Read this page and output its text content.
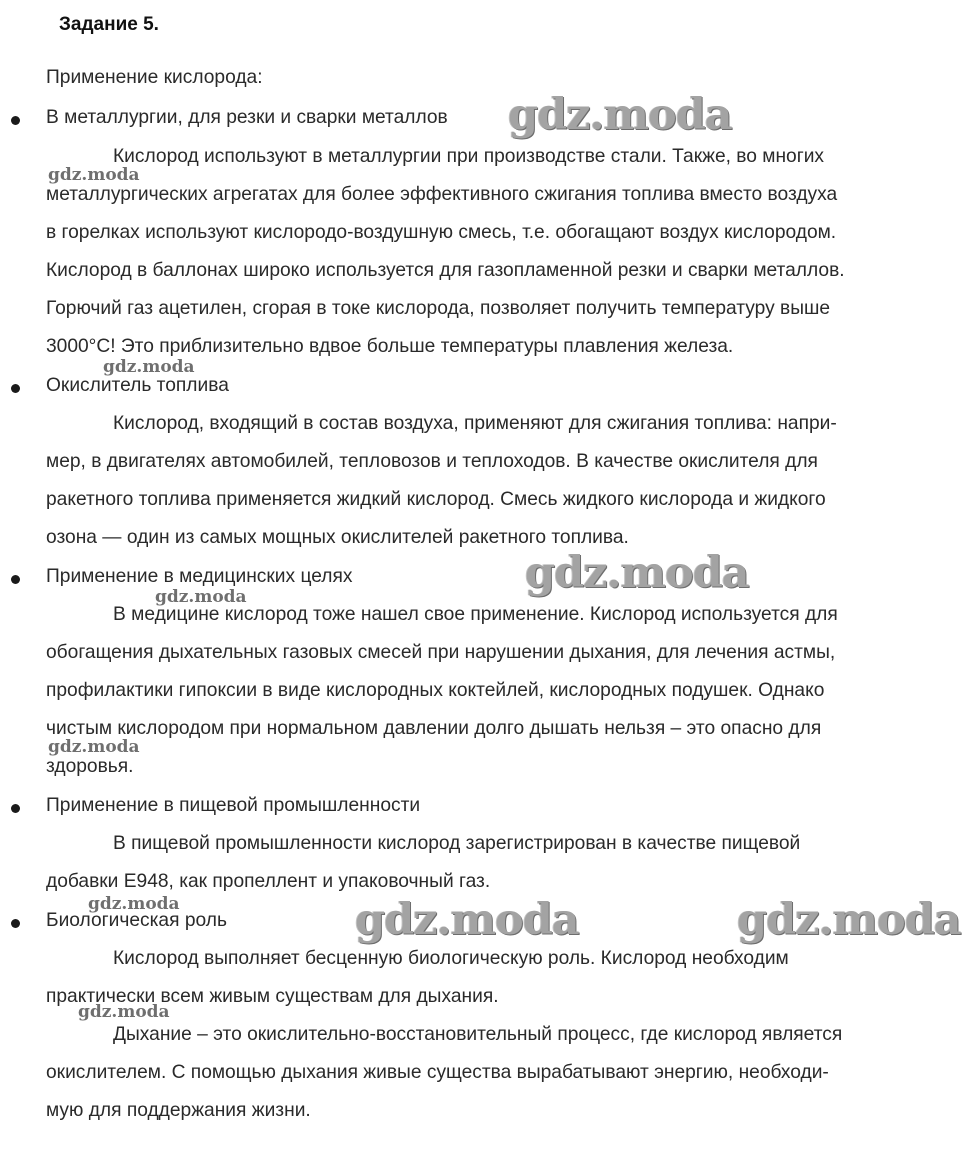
Задание 5.
Применение кислорода:
В металлургии, для резки и сварки металлов
Кислород используют в металлургии при производстве стали. Также, во многих
металлургических агрегатах для более эффективного сжигания топлива вместо воздуха
в горелках используют кислородо-воздушную смесь, т.е. обогащают воздух кислородом.
Кислород в баллонах широко используется для газопламенной резки и сварки металлов.
Горючий газ ацетилен, сгорая в токе кислорода, позволяет получить температуру выше
3000°С! Это приблизительно вдвое больше температуры плавления железа.
Окислитель топлива
Кислород, входящий в состав воздуха, применяют для сжигания топлива: напри-
мер, в двигателях автомобилей, тепловозов и теплоходов. В качестве окислителя для
ракетного топлива применяется жидкий кислород. Смесь жидкого кислорода и жидкого
озона — один из самых мощных окислителей ракетного топлива.
Применение в медицинских целях
В медицине кислород тоже нашел свое применение. Кислород используется для
обогащения дыхательных газовых смесей при нарушении дыхания, для лечения астмы,
профилактики гипоксии в виде кислородных коктейлей, кислородных подушек. Однако
чистым кислородом при нормальном давлении долго дышать нельзя – это опасно для
здоровья.
Применение в пищевой промышленности
В пищевой промышленности кислород зарегистрирован в качестве пищевой
добавки Е948, как пропеллент и упаковочный газ.
Биологическая роль
Кислород выполняет бесценную биологическую роль. Кислород необходим
практически всем живым существам для дыхания.
Дыхание – это окислительно-восстановительный процесс, где кислород является
окислителем. С помощью дыхания живые существа вырабатывают энергию, необходи-
мую для поддержания жизни.
gdz.moda
gdz.moda
gdz.moda
gdz.moda
gdz.moda
gdz.moda
gdz.moda	gdz.moda	gdz.moda
gdz.moda
